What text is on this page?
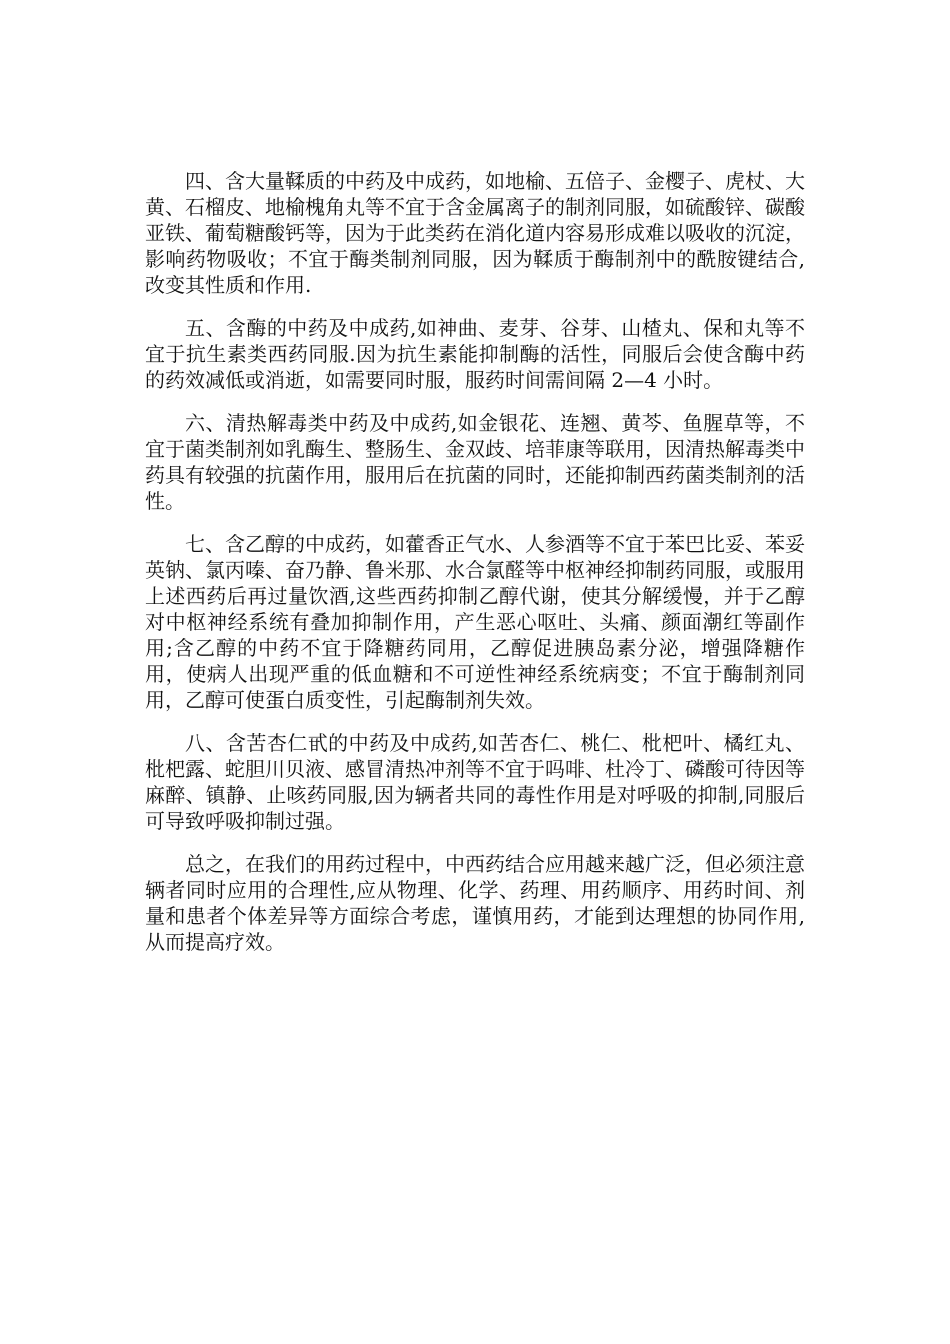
四、含大量鞣质的中药及中成药，如地榆、五倍子、金樱子、虎杖、大黄、石榴皮、地榆槐角丸等不宜于含金属离子的制剂同服，如硫酸锌、碳酸亚铁、葡萄糖酸钙等，因为于此类药在消化道内容易形成难以吸收的沉淀，影响药物吸收；不宜于酶类制剂同服，因为鞣质于酶制剂中的酰胺键结合,改变其性质和作用.

五、含酶的中药及中成药,如神曲、麦芽、谷芽、山楂丸、保和丸等不宜于抗生素类西药同服.因为抗生素能抑制酶的活性，同服后会使含酶中药的药效减低或消逝，如需要同时服，服药时间需间隔 2—4 小时。

六、清热解毒类中药及中成药,如金银花、连翘、黄芩、鱼腥草等，不宜于菌类制剂如乳酶生、整肠生、金双歧、培菲康等联用，因清热解毒类中药具有较强的抗菌作用，服用后在抗菌的同时，还能抑制西药菌类制剂的活性。

七、含乙醇的中成药，如藿香正气水、人参酒等不宜于苯巴比妥、苯妥英钠、氯丙嗪、奋乃静、鲁米那、水合氯醛等中枢神经抑制药同服，或服用上述西药后再过量饮酒,这些西药抑制乙醇代谢，使其分解缓慢，并于乙醇对中枢神经系统有叠加抑制作用，产生恶心呕吐、头痛、颜面潮红等副作用;含乙醇的中药不宜于降糖药同用，乙醇促进胰岛素分泌，增强降糖作用，使病人出现严重的低血糖和不可逆性神经系统病变；不宜于酶制剂同用，乙醇可使蛋白质变性，引起酶制剂失效。

八、含苦杏仁甙的中药及中成药,如苦杏仁、桃仁、枇杷叶、橘红丸、枇杷露、蛇胆川贝液、感冒清热冲剂等不宜于吗啡、杜冷丁、磷酸可待因等麻醉、镇静、止咳药同服,因为辆者共同的毒性作用是对呼吸的抑制,同服后可导致呼吸抑制过强。

总之，在我们的用药过程中，中西药结合应用越来越广泛，但必须注意辆者同时应用的合理性,应从物理、化学、药理、用药顺序、用药时间、剂量和患者个体差异等方面综合考虑，谨慎用药，才能到达理想的协同作用,从而提高疗效。
